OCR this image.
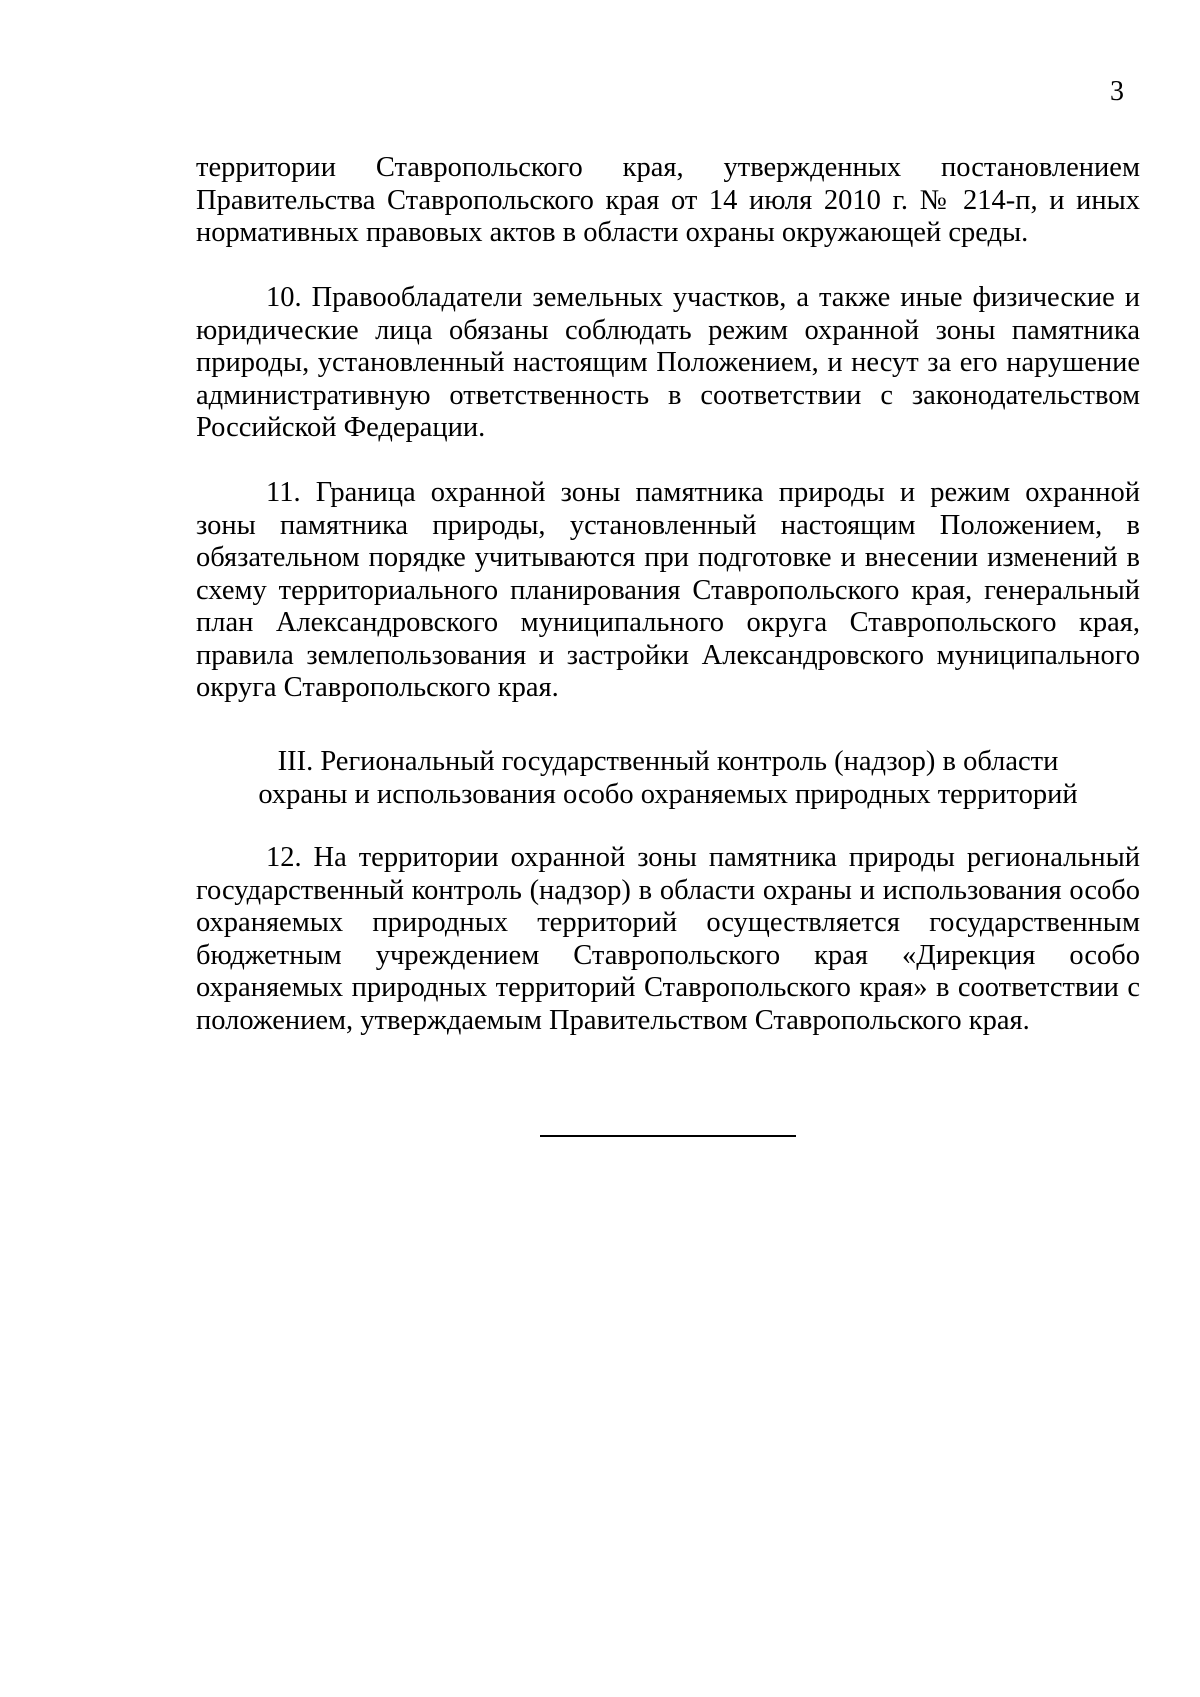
3

территории Ставропольского края, утвержденных постановлением Правительства Ставропольского края от 14 июля 2010 г. № 214-п, и иных нормативных правовых актов в области охраны окружающей среды.

10. Правообладатели земельных участков, а также иные физические и юридические лица обязаны соблюдать режим охранной зоны памятника природы, установленный настоящим Положением, и несут за его нарушение административную ответственность в соответствии с законодательством Российской Федерации.

11. Граница охранной зоны памятника природы и режим охранной зоны памятника природы, установленный настоящим Положением, в обязательном порядке учитываются при подготовке и внесении изменений в схему территориального планирования Ставропольского края, генеральный план Александровского муниципального округа Ставропольского края, правила землепользования и застройки Александровского муниципального округа Ставропольского края.

III. Региональный государственный контроль (надзор) в области
охраны и использования особо охраняемых природных территорий

12. На территории охранной зоны памятника природы региональный государственный контроль (надзор) в области охраны и использования особо охраняемых природных территорий осуществляется государственным бюджетным учреждением Ставропольского края «Дирекция особо охраняемых природных территорий Ставропольского края» в соответствии с положением, утверждаемым Правительством Ставропольского края.
